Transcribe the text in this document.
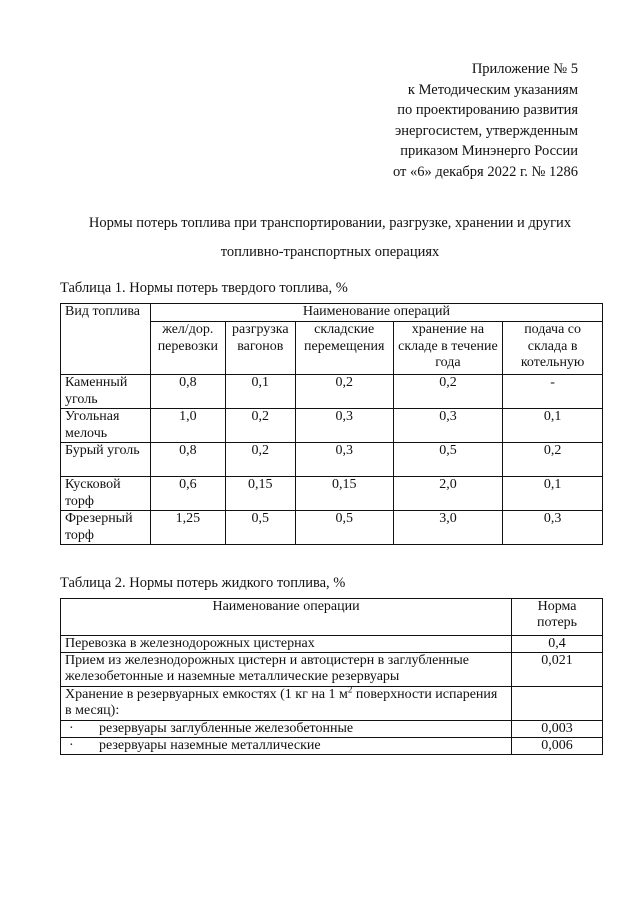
Приложение № 5
к Методическим указаниям
по проектированию развития
энергосистем, утвержденным
приказом Минэнерго России
от «6» декабря 2022 г. № 1286
Нормы потерь топлива при транспортировании, разгрузке, хранении и других
топливно-транспортных операциях
Таблица 1. Нормы потерь твердого топлива, %
Вид топлива	Наименование операций				
	жел/дор. перевозки	разгрузка вагонов	складские перемещения	хранение на складе в течение года	подача со склада в котельную
Каменный уголь	0,8	0,1	0,2	0,2	-
Угольная мелочь	1,0	0,2	0,3	0,3	0,1
Бурый уголь	0,8	0,2	0,3	0,5	0,2
Кусковой торф	0,6	0,15	0,15	2,0	0,1
Фрезерный торф	1,25	0,5	0,5	3,0	0,3
Таблица 2. Нормы потерь жидкого топлива, %
Наименование операции	Норма потерь
Перевозка в железнодорожных цистернах	0,4
Прием из железнодорожных цистерн и автоцистерн в заглубленные железобетонные и наземные металлические резервуары	0,021
Хранение в резервуарных емкостях (1 кг на 1 $м^2$ поверхности испарения в месяц):	
· резервуары заглубленные железобетонные	0,003
· резервуары наземные металлические	0,006
